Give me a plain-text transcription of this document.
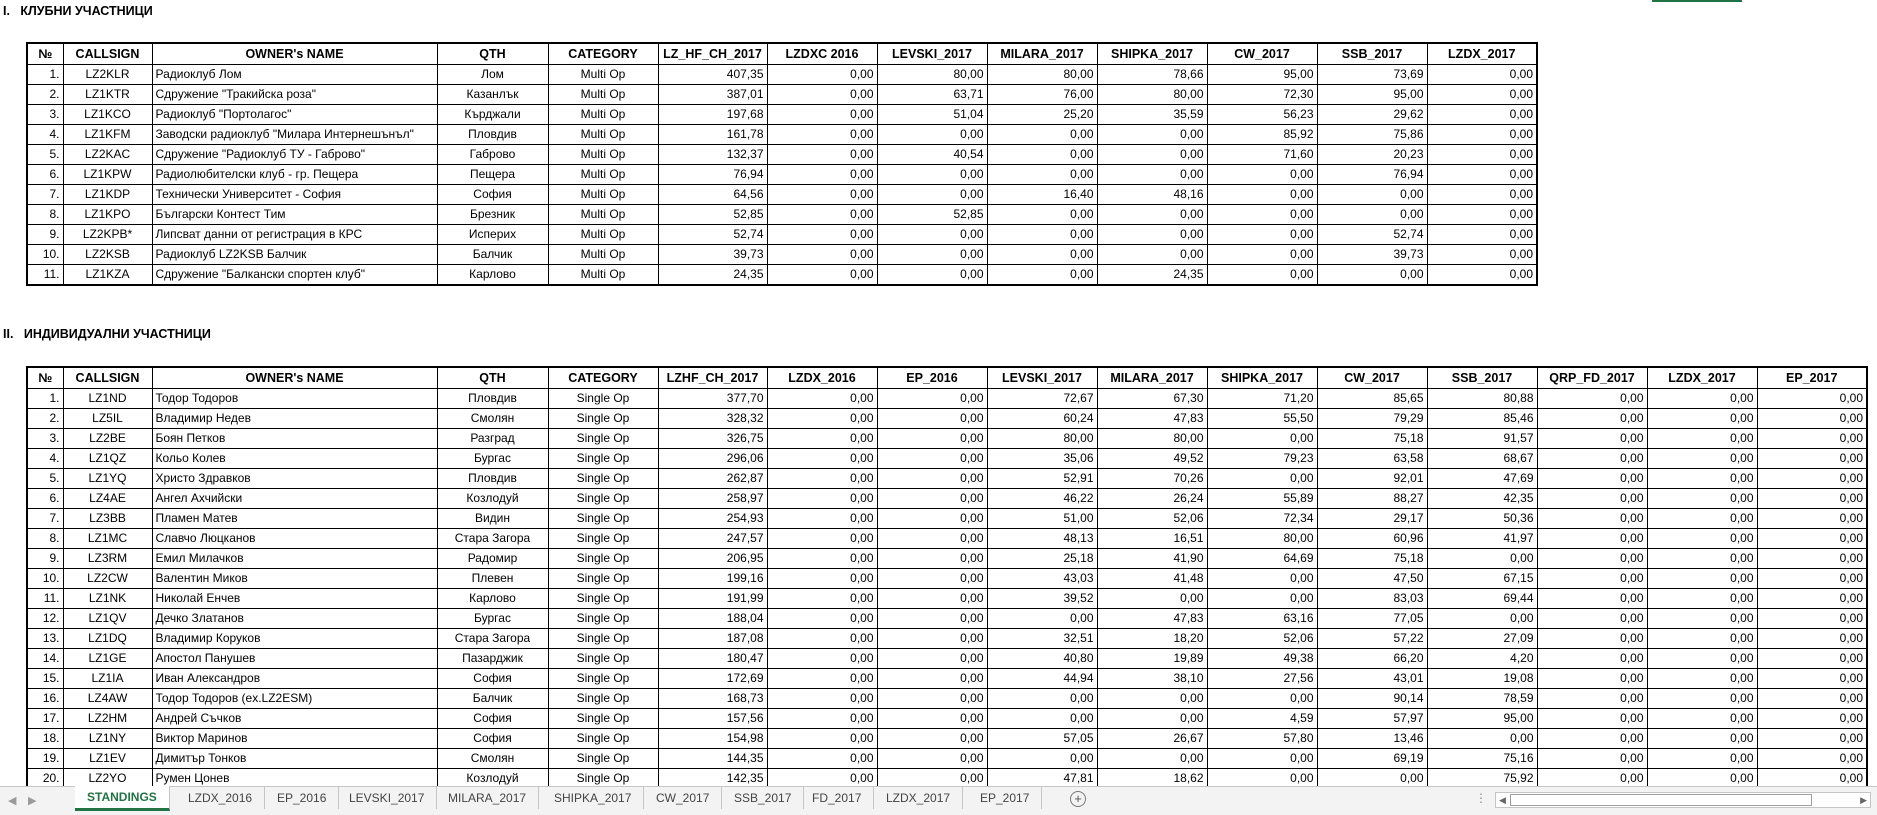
I.   КЛУБНИ УЧАСТНИЦИ
№	CALLSIGN	OWNER's NAME	QTH	CATEGORY	LZ_HF_CH_2017	LZDXC 2016	LEVSKI_2017	MILARA_2017	SHIPKA_2017	CW_2017	SSB_2017	LZDX_2017
1.	LZ2KLR	Радиоклуб Лом	Лом	Multi Op	407,35	0,00	80,00	80,00	78,66	95,00	73,69	0,00
2.	LZ1KTR	Сдружение "Тракийска роза"	Казанлък	Multi Op	387,01	0,00	63,71	76,00	80,00	72,30	95,00	0,00
3.	LZ1KCO	Радиоклуб "Портолагос"	Кърджали	Multi Op	197,68	0,00	51,04	25,20	35,59	56,23	29,62	0,00
4.	LZ1KFM	Заводски радиоклуб "Милара Интернешънъл"	Пловдив	Multi Op	161,78	0,00	0,00	0,00	0,00	85,92	75,86	0,00
5.	LZ2KAC	Сдружение "Радиоклуб ТУ - Габрово"	Габрово	Multi Op	132,37	0,00	40,54	0,00	0,00	71,60	20,23	0,00
6.	LZ1KPW	Радиолюбителски клуб - гр. Пещера	Пещера	Multi Op	76,94	0,00	0,00	0,00	0,00	0,00	76,94	0,00
7.	LZ1KDP	Технически Университет - София	София	Multi Op	64,56	0,00	0,00	16,40	48,16	0,00	0,00	0,00
8.	LZ1KPO	Български Контест Тим	Брезник	Multi Op	52,85	0,00	52,85	0,00	0,00	0,00	0,00	0,00
9.	LZ2KPB*	Липсват данни от регистрация в КРС	Исперих	Multi Op	52,74	0,00	0,00	0,00	0,00	0,00	52,74	0,00
10.	LZ2KSB	Радиоклуб LZ2KSB Балчик	Балчик	Multi Op	39,73	0,00	0,00	0,00	0,00	0,00	39,73	0,00
11.	LZ1KZA	Сдружение "Балкански спортен клуб"	Карлово	Multi Op	24,35	0,00	0,00	0,00	24,35	0,00	0,00	0,00
II.   ИНДИВИДУАЛНИ УЧАСТНИЦИ
№	CALLSIGN	OWNER's NAME	QTH	CATEGORY	LZHF_CH_2017	LZDX_2016	EP_2016	LEVSKI_2017	MILARA_2017	SHIPKA_2017	CW_2017	SSB_2017	QRP_FD_2017	LZDX_2017	EP_2017
1.	LZ1ND	Тодор Тодоров	Пловдив	Single Op	377,70	0,00	0,00	72,67	67,30	71,20	85,65	80,88	0,00	0,00	0,00
2.	LZ5IL	Владимир Недев	Смолян	Single Op	328,32	0,00	0,00	60,24	47,83	55,50	79,29	85,46	0,00	0,00	0,00
3.	LZ2BE	Боян Петков	Разград	Single Op	326,75	0,00	0,00	80,00	80,00	0,00	75,18	91,57	0,00	0,00	0,00
4.	LZ1QZ	Кольо Колев	Бургас	Single Op	296,06	0,00	0,00	35,06	49,52	79,23	63,58	68,67	0,00	0,00	0,00
5.	LZ1YQ	Христо Здравков	Пловдив	Single Op	262,87	0,00	0,00	52,91	70,26	0,00	92,01	47,69	0,00	0,00	0,00
6.	LZ4AE	Ангел Ахчийски	Козлодуй	Single Op	258,97	0,00	0,00	46,22	26,24	55,89	88,27	42,35	0,00	0,00	0,00
7.	LZ3BB	Пламен Матев	Видин	Single Op	254,93	0,00	0,00	51,00	52,06	72,34	29,17	50,36	0,00	0,00	0,00
8.	LZ1MC	Славчо Люцканов	Стара Загора	Single Op	247,57	0,00	0,00	48,13	16,51	80,00	60,96	41,97	0,00	0,00	0,00
9.	LZ3RM	Емил Милачков	Радомир	Single Op	206,95	0,00	0,00	25,18	41,90	64,69	75,18	0,00	0,00	0,00	0,00
10.	LZ2CW	Валентин Миков	Плевен	Single Op	199,16	0,00	0,00	43,03	41,48	0,00	47,50	67,15	0,00	0,00	0,00
11.	LZ1NK	Николай Енчев	Карлово	Single Op	191,99	0,00	0,00	39,52	0,00	0,00	83,03	69,44	0,00	0,00	0,00
12.	LZ1QV	Дечко Златанов	Бургас	Single Op	188,04	0,00	0,00	0,00	47,83	63,16	77,05	0,00	0,00	0,00	0,00
13.	LZ1DQ	Владимир Коруков	Стара Загора	Single Op	187,08	0,00	0,00	32,51	18,20	52,06	57,22	27,09	0,00	0,00	0,00
14.	LZ1GE	Апостол Панушев	Пазарджик	Single Op	180,47	0,00	0,00	40,80	19,89	49,38	66,20	4,20	0,00	0,00	0,00
15.	LZ1IA	Иван Александров	София	Single Op	172,69	0,00	0,00	44,94	38,10	27,56	43,01	19,08	0,00	0,00	0,00
16.	LZ4AW	Тодор Тодоров (ex.LZ2ESM)	Балчик	Single Op	168,73	0,00	0,00	0,00	0,00	0,00	90,14	78,59	0,00	0,00	0,00
17.	LZ2HM	Андрей Съчков	София	Single Op	157,56	0,00	0,00	0,00	0,00	4,59	57,97	95,00	0,00	0,00	0,00
18.	LZ1NY	Виктор Маринов	София	Single Op	154,98	0,00	0,00	57,05	26,67	57,80	13,46	0,00	0,00	0,00	0,00
19.	LZ1EV	Димитър Тонков	Смолян	Single Op	144,35	0,00	0,00	0,00	0,00	0,00	69,19	75,16	0,00	0,00	0,00
20.	LZ2YO	Румен Цонев	Козлодуй	Single Op	142,35	0,00	0,00	47,81	18,62	0,00	0,00	75,92	0,00	0,00	0,00
◀ ▶	STANDINGS	LZDX_2016	EP_2016	LEVSKI_2017	MILARA_2017	SHIPKA_2017	CW_2017	SSB_2017	FD_2017	LZDX_2017	EP_2017	+	⋮ ◀	▶
